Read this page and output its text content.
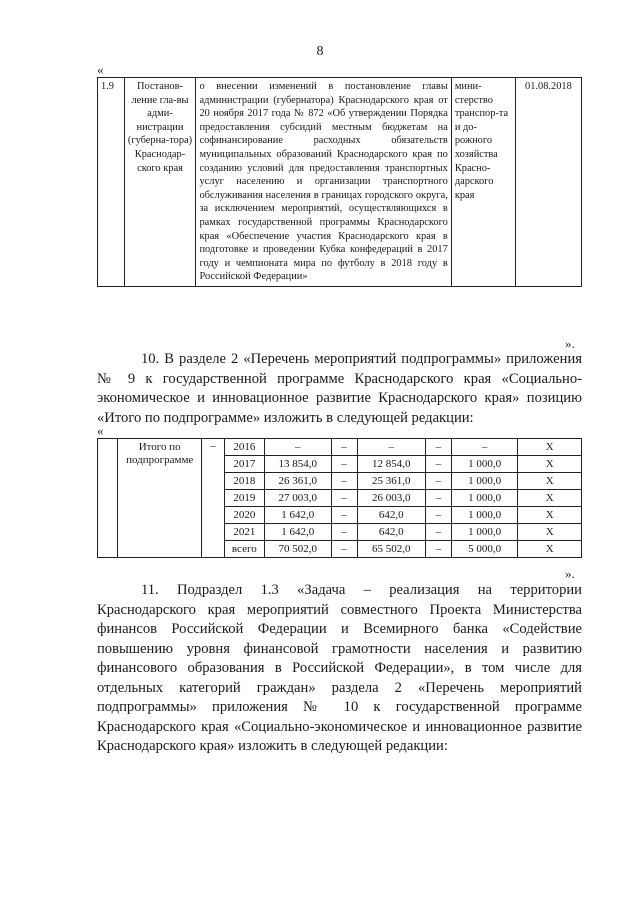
8
«
1.9	Постанов-ление гла-вы адми-нистрации (губерна-тора) Краснодар-ского края	о внесении изменений в постановление главы администрации (губернатора) Краснодарского края от 20 ноября 2017 года № 872 «Об утверждении Порядка предоставления субсидий местным бюджетам на софинансирование расходных обязательств муниципальных образований Краснодарского края по созданию условий для предоставления транспортных услуг населению и организации транспортного обслуживания населения в границах городского округа, за исключением мероприятий, осуществляющихся в рамках государственной программы Краснодарского края «Обеспечение участия Краснодарского края в подготовке и проведении Кубка конфедераций в 2017 году и чемпионата мира по футболу в 2018 году в Российской Федерации»	мини-стерство транспор-та и до-рожного хозяйства Красно-дарского края	01.08.2018
».

10. В разделе 2 «Перечень мероприятий подпрограммы» приложения № 9 к государственной программе Краснодарского края «Социально-экономическое и инновационное развитие Краснодарского края» позицию «Итого по подпрограмме» изложить в следующей редакции:

«
	Итого по подпрограмме	–	2016	–	–	–	–	–	Х
			2017	13 854,0	–	12 854,0	–	1 000,0	Х
			2018	26 361,0	–	25 361,0	–	1 000,0	Х
			2019	27 003,0	–	26 003,0	–	1 000,0	Х
			2020	1 642,0	–	642,0	–	1 000,0	Х
			2021	1 642,0	–	642,0	–	1 000,0	Х
			всего	70 502,0	–	65 502,0	–	5 000,0	Х
».

11. Подраздел 1.3 «Задача – реализация на территории Краснодарского края мероприятий совместного Проекта Министерства финансов Российской Федерации и Всемирного банка «Содействие повышению уровня финансовой грамотности населения и развитию финансового образования в Российской Федерации», в том числе для отдельных категорий граждан» раздела 2 «Перечень мероприятий подпрограммы» приложения № 10 к государственной программе Краснодарского края «Социально-экономическое и инновационное развитие Краснодарского края» изложить в следующей редакции:
